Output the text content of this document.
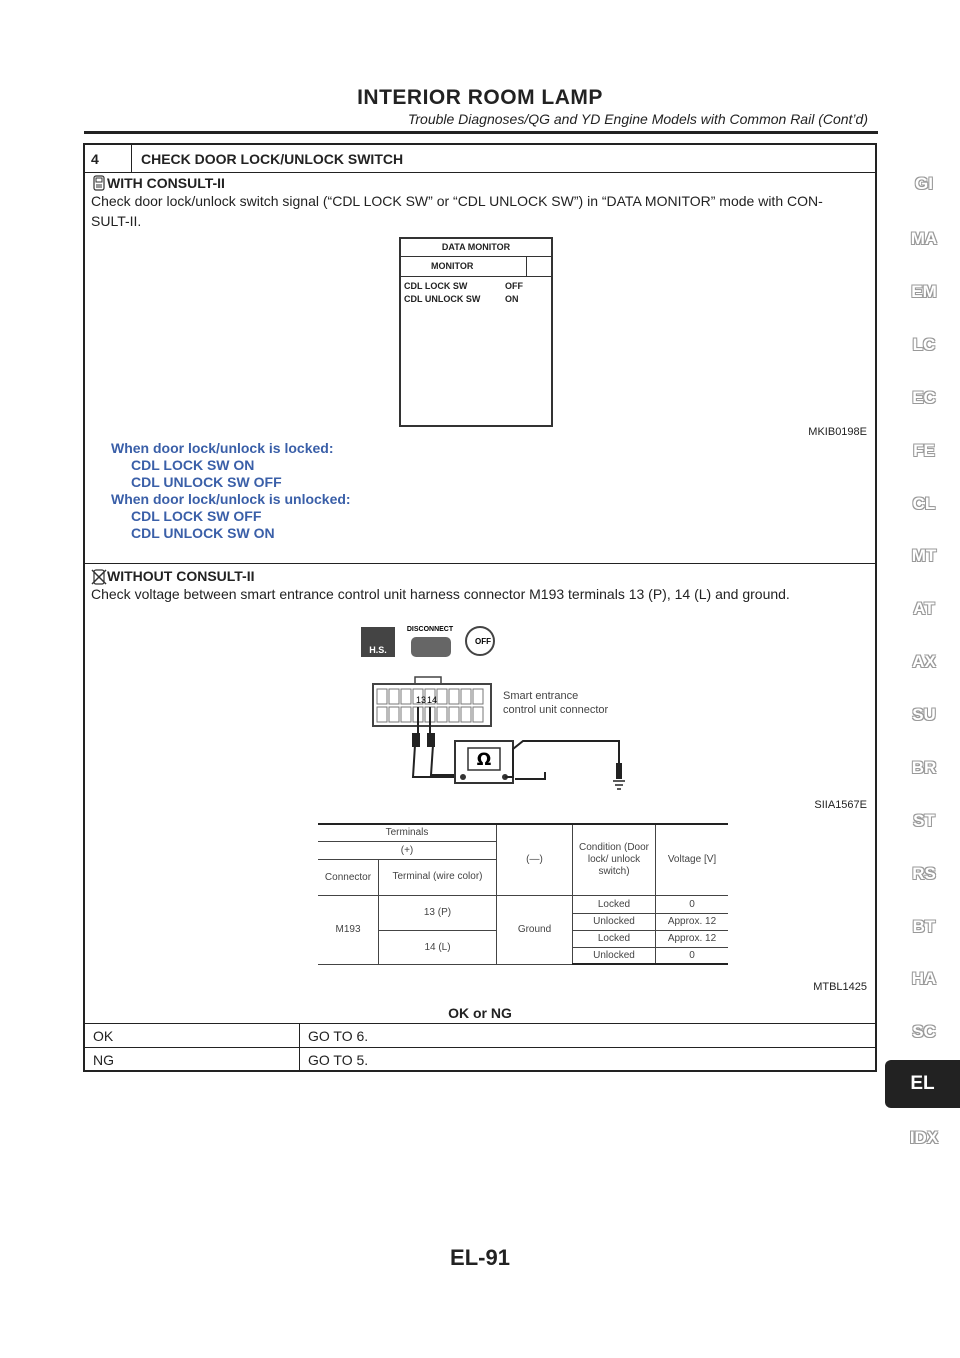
INTERIOR ROOM LAMP
Trouble Diagnoses/QG and YD Engine Models with Common Rail (Cont’d)
4	CHECK DOOR LOCK/UNLOCK SWITCH
WITH CONSULT-II
Check door lock/unlock switch signal (“CDL LOCK SW” or “CDL UNLOCK SW”) in “DATA MONITOR” mode with CON-
SULT-II.
DATA MONITOR
MONITOR
CDL LOCK SW	OFF
CDL UNLOCK SW	ON
MKIB0198E
When door lock/unlock is locked:
CDL LOCK SW ON
CDL UNLOCK SW OFF
When door lock/unlock is unlocked:
CDL LOCK SW OFF
CDL UNLOCK SW ON
WITHOUT CONSULT-II
Check voltage between smart entrance control unit harness connector M193 terminals 13 (P), 14 (L) and ground.
H.S.
DISCONNECT
OFF
13 14	Smart entrance
control unit connector
Ω
SIIA1567E
Terminals		(—)	Condition (Door lock/ unlock switch)	Voltage [V]
(+)				
Connector	Terminal (wire color)			
M193	13 (P)	Ground	Locked	0
			Unlocked	Approx. 12
	14 (L)		Locked	Approx. 12
			Unlocked	0
MTBL1425
OK or NG
OK	GO TO 6.
NG	GO TO 5.
GI
MA
EM
LC
EC
FE
CL
MT
AT
AX
SU
BR
ST
RS
BT
HA
SC
EL
IDX
EL-91
